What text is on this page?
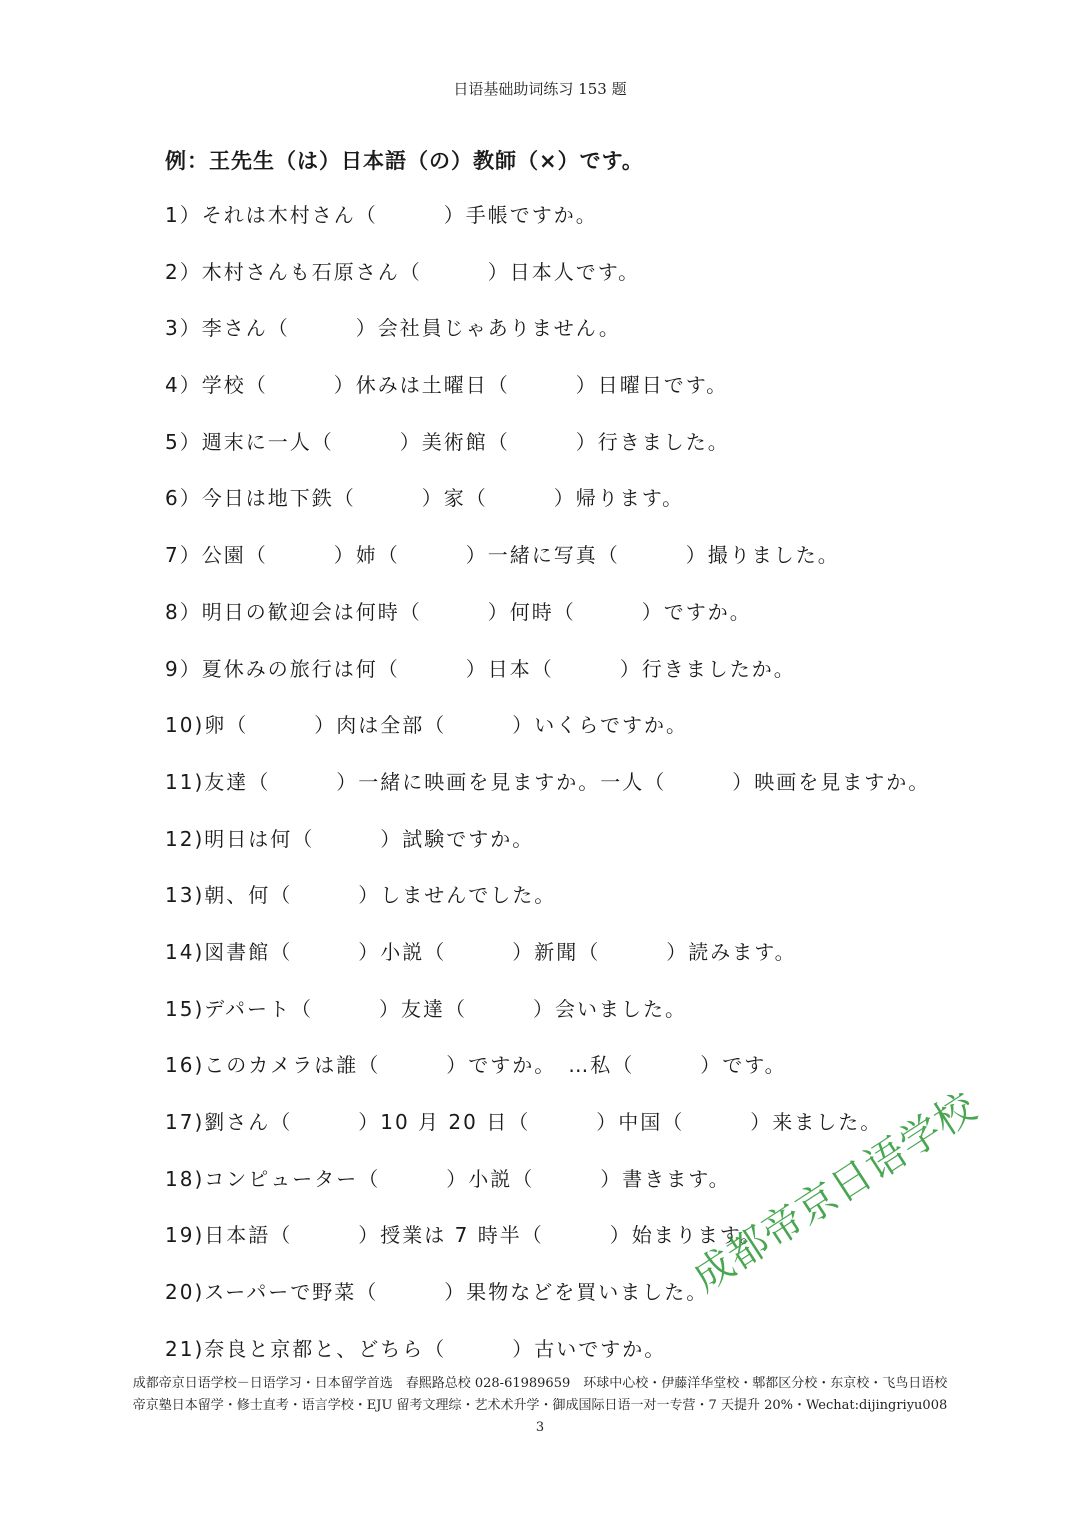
日语基础助词练习 153 题
例：王先生（は）日本語（の）教師（×）です。
1）それは木村さん（　　　）手帳ですか。
2）木村さんも石原さん（　　　）日本人です。
3）李さん（　　　）会社員じゃありません。
4）学校（　　　）休みは土曜日（　　　）日曜日です。
5）週末に一人（　　　）美術館（　　　）行きました。
6）今日は地下鉄（　　　）家（　　　）帰ります。
7）公園（　　　）姉（　　　）一緒に写真（　　　）撮りました。
8）明日の歓迎会は何時（　　　）何時（　　　）ですか。
9）夏休みの旅行は何（　　　）日本（　　　）行きましたか。
10)卵（　　　）肉は全部（　　　）いくらですか。
11)友達（　　　）一緒に映画を見ますか。一人（　　　）映画を見ますか。
12)明日は何（　　　）試験ですか。
13)朝、何（　　　）しませんでした。
14)図書館（　　　）小説（　　　）新聞（　　　）読みます。
15)デパート（　　　）友達（　　　）会いました。
16)このカメラは誰（　　　）ですか。　…私（　　　）です。
17)劉さん（　　　）10 月 20 日（　　　）中国（　　　）来ました。
18)コンピューター（　　　）小説（　　　）書きます。
19)日本語（　　　）授業は 7 時半（　　　）始まります。
20)スーパーで野菜（　　　）果物などを買いました。
21)奈良と京都と、どちら（　　　）古いですか。
成都帝京日语学校
成都帝京日语学校－日语学习・日本留学首选　春熙路总校 028-61989659　环球中心校・伊藤洋华堂校・郫都区分校・东京校・飞鸟日语校
帝京塾日本留学・修士直考・语言学校・EJU 留考文理综・艺术术升学・御成国际日语一对一专营・7 天提升 20%・Wechat:dijingriyu008
3
